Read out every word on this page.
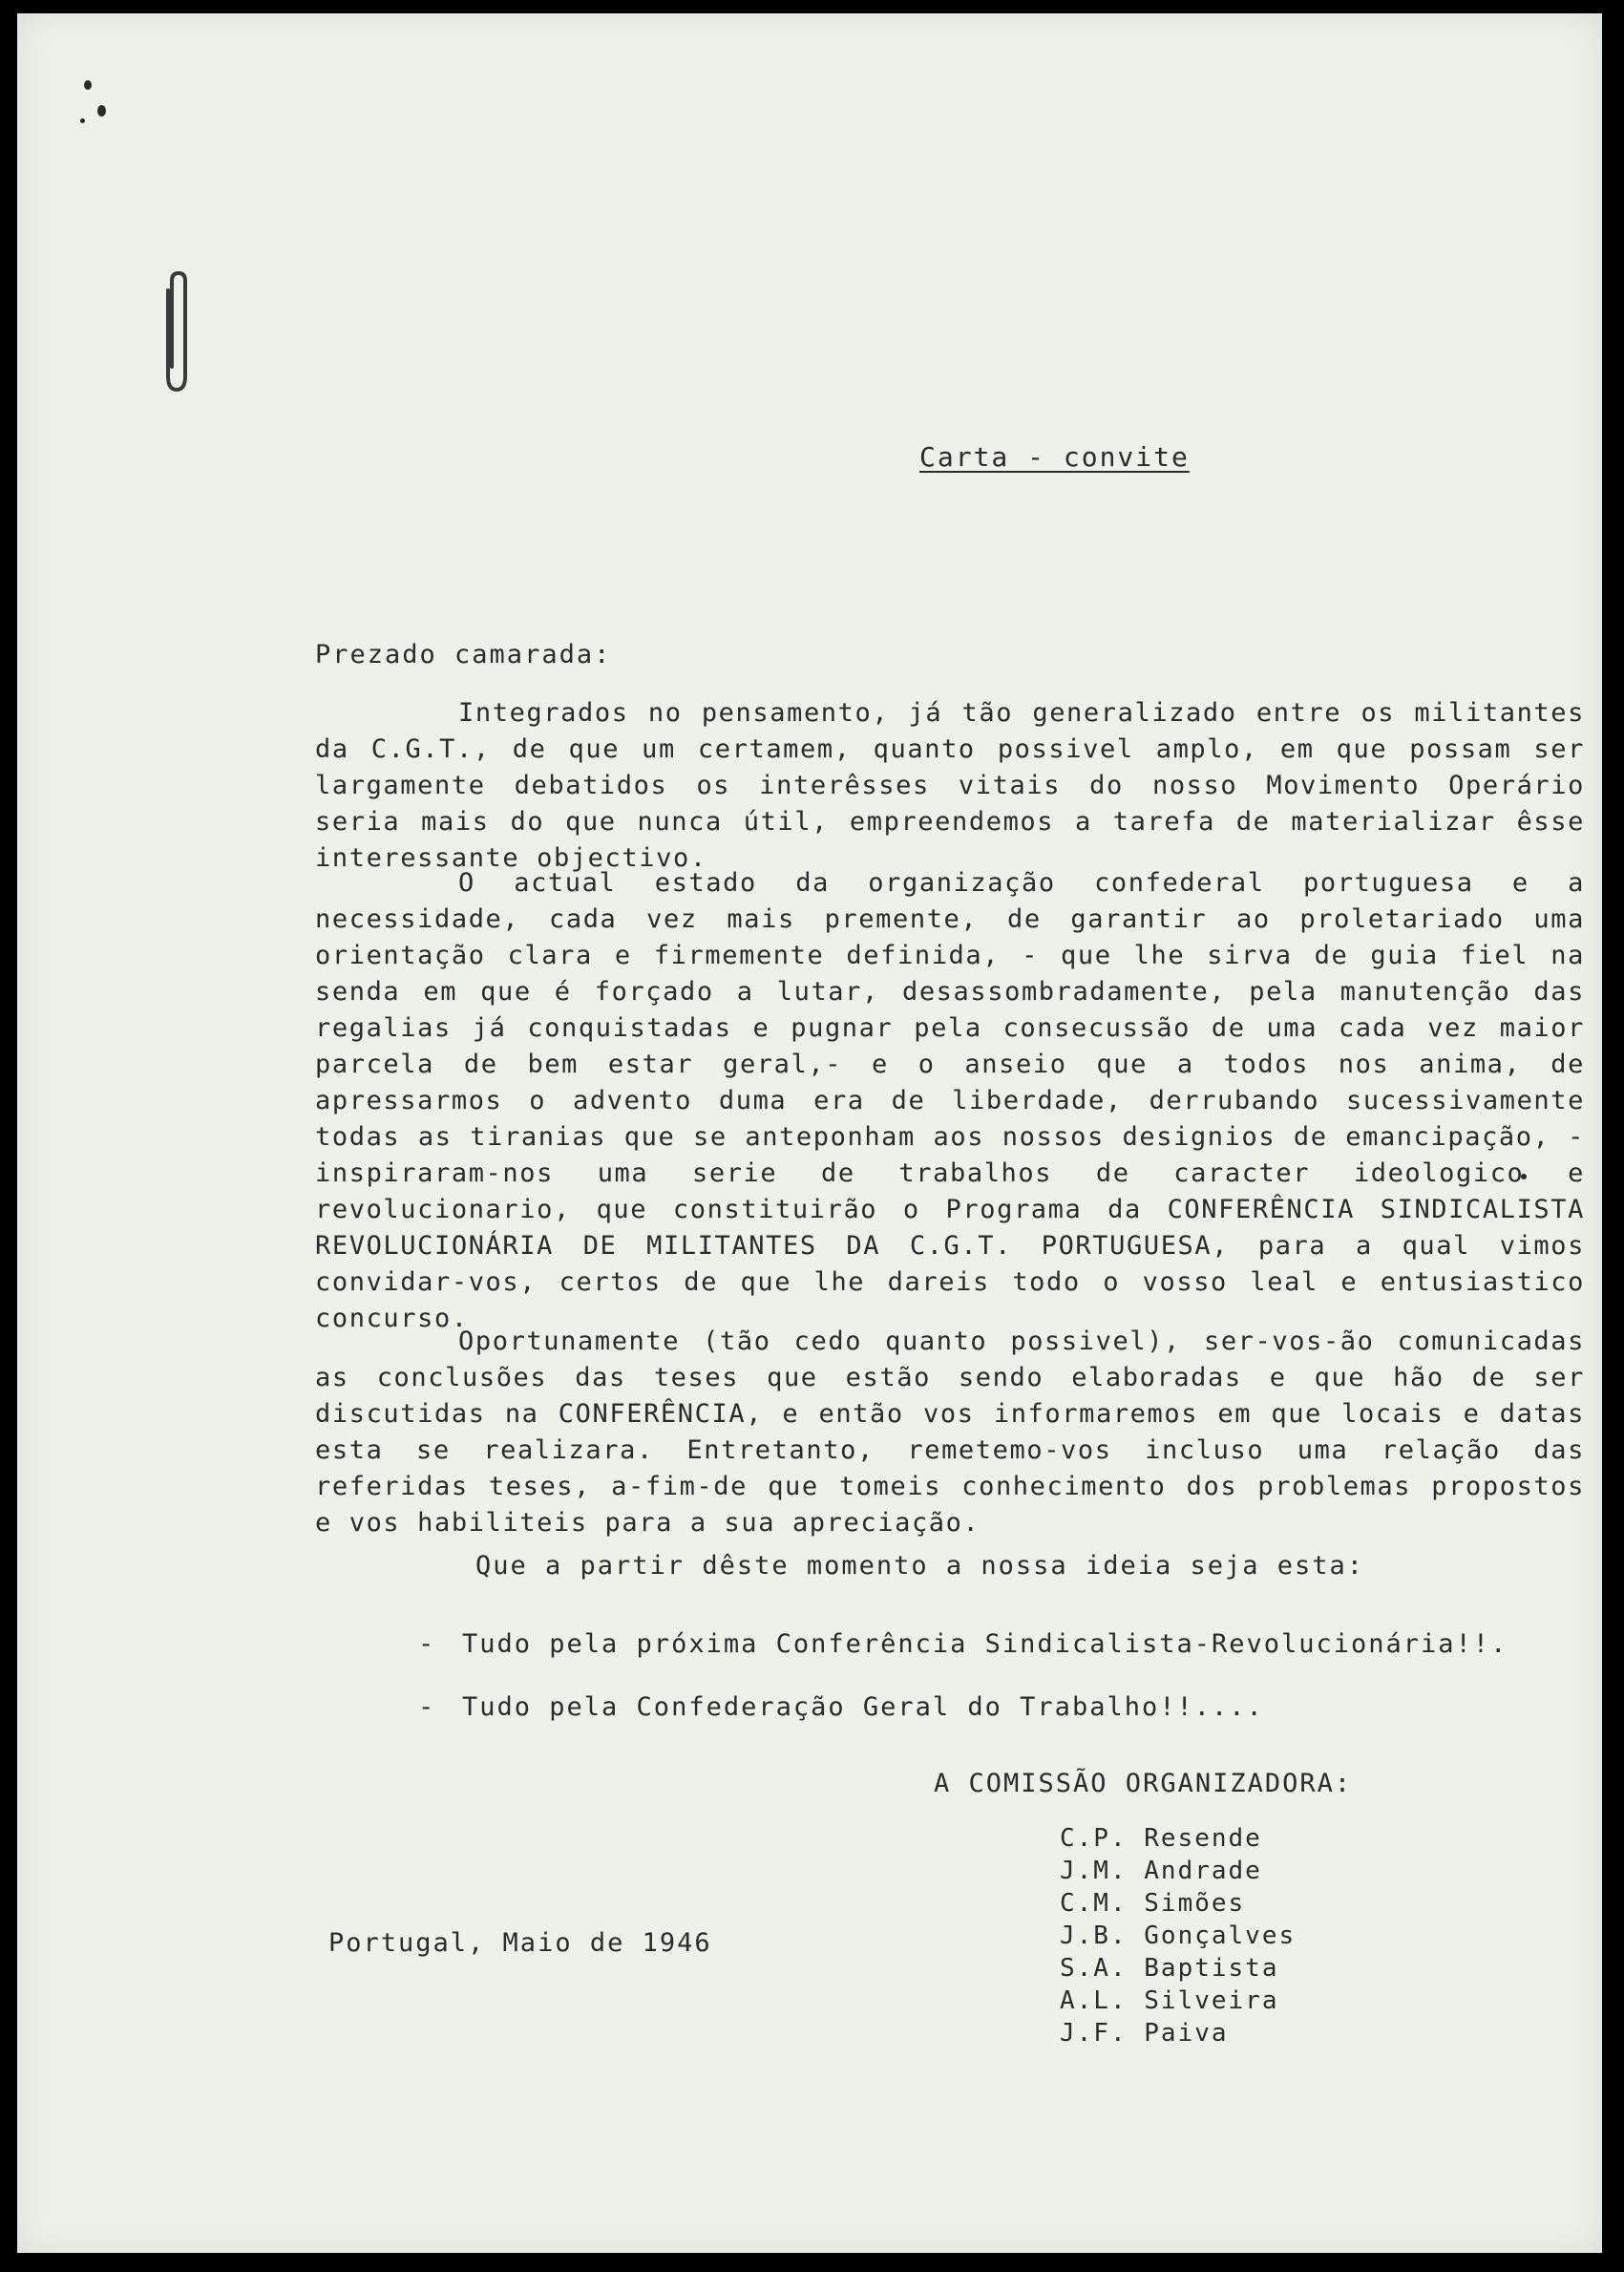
Carta - convite
Prezado camarada:
Integrados no pensamento, já tão generalizado entre os militantes da C.G.T., de que um certamem, quanto possivel amplo, em que possam ser largamente debatidos os interêsses vitais do nosso Movimento Operário seria mais do que nunca útil, empreendemos a tarefa de materializar êsse interessante objectivo.
O actual estado da organização confederal portuguesa e a necessidade, cada vez mais premente, de garantir ao proletariado uma orientação clara e firmemente definida, - que lhe sirva de guia fiel na senda em que é forçado a lutar, desassombradamente, pela manutenção das regalias já conquistadas e pugnar pela consecussão de uma cada vez maior parcela de bem estar geral,- e o anseio que a todos nos anima, de apressarmos o advento duma era de liberdade, derrubando sucessivamente todas as tiranias que se anteponham aos nossos designios de emancipação, - inspiraram-nos uma serie de trabalhos de caracter ideologico e revolucionario, que constituirão o Programa da CONFERÊNCIA SINDICALISTA REVOLUCIONÁRIA DE MILITANTES DA C.G.T. PORTUGUESA, para a qual vimos convidar-vos, certos de que lhe dareis todo o vosso leal e entusiastico concurso.
Oportunamente (tão cedo quanto possivel), ser-vos-ão comunicadas as conclusões das teses que estão sendo elaboradas e que hão de ser discutidas na CONFERÊNCIA, e então vos informaremos em que locais e datas esta se realizara. Entretanto, remetemo-vos incluso uma relação das referidas teses, a-fim-de que tomeis conhecimento dos problemas propostos e vos habiliteis para a sua apreciação.
Que a partir dêste momento a nossa ideia seja esta:
- Tudo pela próxima Conferência Sindicalista-Revolucionária!!.
- Tudo pela Confederação Geral do Trabalho!!....
A COMISSÃO ORGANIZADORA:
C.P. Resende
J.M. Andrade
C.M. Simões
J.B. Gonçalves
S.A. Baptista
A.L. Silveira
J.F. Paiva
Portugal, Maio de 1946
